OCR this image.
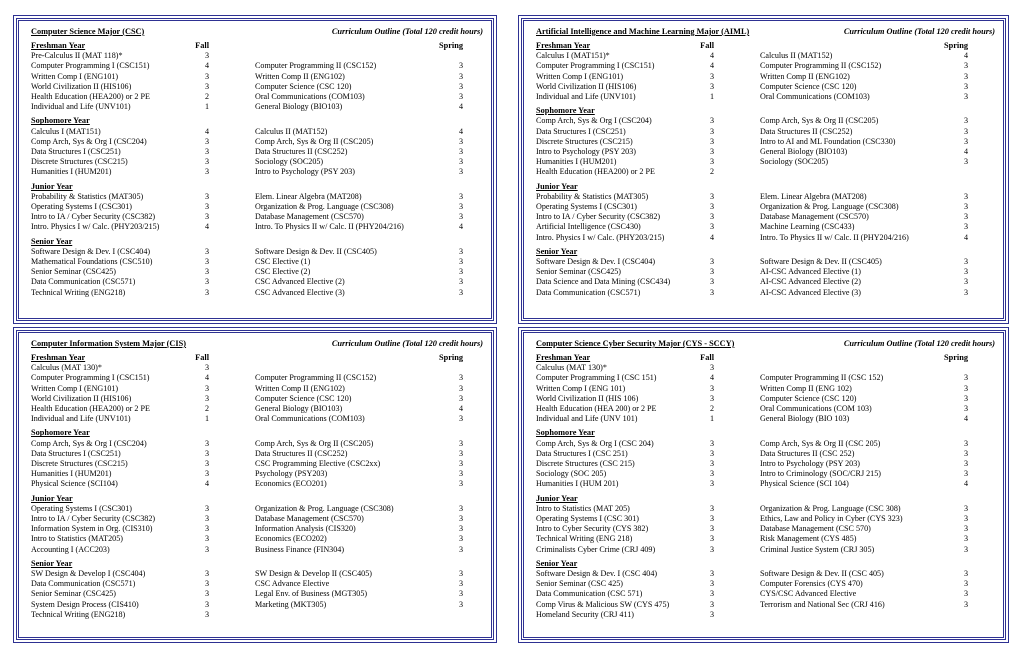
Computer Science Major (CSC)	Curriculum Outline (Total 120 credit hours)
Freshman Year	Fall	Spring
Pre-Calculus II (MAT 118)*	3
Computer Programming I (CSC151)	4	Computer Programming II (CSC152)	3
Written Comp I (ENG101)	3	Written Comp II (ENG102)	3
World Civilization II (HIS106)	3	Computer Science (CSC 120)	3
Health Education (HEA200) or 2 PE	2	Oral Communications (COM103)	3
Individual and Life (UNV101)	1	General Biology (BIO103)	4
Sophomore Year
Calculus I (MAT151)	4	Calculus II (MAT152)	4
Comp Arch, Sys & Org I (CSC204)	3	Comp Arch, Sys & Org II (CSC205)	3
Data Structures I (CSC251)	3	Data Structures II (CSC252)	3
Discrete Structures (CSC215)	3	Sociology (SOC205)	3
Humanities I (HUM201)	3	Intro to Psychology (PSY 203)	3
Junior Year
Probability & Statistics (MAT305)	3	Elem. Linear Algebra (MAT208)	3
Operating Systems I (CSC301)	3	Organization & Prog. Language (CSC308)	3
Intro to IA / Cyber Security (CSC382)	3	Database Management (CSC570)	3
Intro. Physics I w/ Calc. (PHY203/215)	4	Intro. To Physics II w/ Calc. II (PHY204/216)	4
Senior Year
Software Design & Dev. I (CSC404)	3	Software Design & Dev. II (CSC405)	3
Mathematical Foundations (CSC510)	3	CSC Elective (1)	3
Senior Seminar (CSC425)	3	CSC Elective (2)	3
Data Communication (CSC571)	3	CSC Advanced Elective (2)	3
Technical Writing (ENG218)	3	CSC Advanced Elective (3)	3
Artificial Intelligence and Machine Learning Major (AIML)	Curriculum Outline (Total 120 credit hours)
Freshman Year	Fall	Spring
Calculus I (MAT151)*	4	Calculus II (MAT152)	4
Computer Programming I (CSC151)	4	Computer Programming II (CSC152)	3
Written Comp I (ENG101)	3	Written Comp II (ENG102)	3
World Civilization II (HIS106)	3	Computer Science (CSC 120)	3
Individual and Life (UNV101)	1	Oral Communications (COM103)	3
Sophomore Year
Comp Arch, Sys & Org I (CSC204)	3	Comp Arch, Sys & Org II (CSC205)	3
Data Structures I (CSC251)	3	Data Structures II (CSC252)	3
Discrete Structures (CSC215)	3	Intro to AI and ML Foundation (CSC330)	3
Intro to Psychology (PSY 203)	3	General Biology (BIO103)	4
Humanities I (HUM201)	3	Sociology (SOC205)	3
Health Education (HEA200) or 2 PE	2
Junior Year
Probability & Statistics (MAT305)	3	Elem. Linear Algebra (MAT208)	3
Operating Systems I (CSC301)	3	Organization & Prog. Language (CSC308)	3
Intro to IA / Cyber Security (CSC382)	3	Database Management (CSC570)	3
Artificial Intelligence (CSC430)	3	Machine Learning (CSC433)	3
Intro. Physics I w/ Calc. (PHY203/215)	4	Intro. To Physics II w/ Calc. II (PHY204/216)	4
Senior Year
Software Design & Dev. I (CSC404)	3	Software Design & Dev. II (CSC405)	3
Senior Seminar (CSC425)	3	AI-CSC Advanced Elective (1)	3
Data Science and Data Mining (CSC434)	3	AI-CSC Advanced Elective (2)	3
Data Communication (CSC571)	3	AI-CSC Advanced Elective (3)	3
Computer Information System Major (CIS)	Curriculum Outline (Total 120 credit hours)
Freshman Year	Fall	Spring
Calculus (MAT 130)*	3
Computer Programming I (CSC151)	4	Computer Programming II (CSC152)	3
Written Comp I (ENG101)	3	Written Comp II (ENG102)	3
World Civilization II (HIS106)	3	Computer Science (CSC 120)	3
Health Education (HEA200) or 2 PE	2	General Biology (BIO103)	4
Individual and Life (UNV101)	1	Oral Communications (COM103)	3
Sophomore Year
Comp Arch, Sys & Org I (CSC204)	3	Comp Arch, Sys & Org II (CSC205)	3
Data Structures I (CSC251)	3	Data Structures II (CSC252)	3
Discrete Structures (CSC215)	3	CSC Programming Elective (CSC2xx)	3
Humanities I (HUM201)	3	Psychology (PSY203)	3
Physical Science (SCI104)	4	Economics (ECO201)	3
Junior Year
Operating Systems I (CSC301)	3	Organization & Prog. Language (CSC308)	3
Intro to IA / Cyber Security (CSC382)	3	Database Management (CSC570)	3
Information System in Org. (CIS310)	3	Information Analysis (CIS320)	3
Intro to Statistics (MAT205)	3	Economics (ECO202)	3
Accounting I (ACC203)	3	Business Finance (FIN304)	3
Senior Year
SW Design & Develop I (CSC404)	3	SW Design & Develop II (CSC405)	3
Data Communication (CSC571)	3	CSC Advance Elective	3
Senior Seminar (CSC425)	3	Legal Env. of Business (MGT305)	3
System Design Process (CIS410)	3	Marketing (MKT305)	3
Technical Writing (ENG218)	3
Computer Science Cyber Security Major (CYS - SCCY)	Curriculum Outline (Total 120 credit hours)
Freshman Year	Fall	Spring
Calculus (MAT 130)*	3
Computer Programming I (CSC 151)	4	Computer Programming II (CSC 152)	3
Written Comp I (ENG 101)	3	Written Comp II (ENG 102)	3
World Civilization II (HIS 106)	3	Computer Science (CSC 120)	3
Health Education (HEA 200) or 2 PE	2	Oral Communications (COM 103)	3
Individual and Life (UNV 101)	1	General Biology (BIO 103)	4
Sophomore Year
Comp Arch, Sys & Org I (CSC 204)	3	Comp Arch, Sys & Org II (CSC 205)	3
Data Structures I (CSC 251)	3	Data Structures II (CSC 252)	3
Discrete Structures (CSC 215)	3	Intro to Psychology (PSY 203)	3
Sociology (SOC 205)	3	Intro to Criminology (SOC/CRJ 215)	3
Humanities I (HUM 201)	3	Physical Science (SCI 104)	4
Junior Year
Intro to Statistics (MAT 205)	3	Organization & Prog. Language (CSC 308)	3
Operating Systems I (CSC 301)	3	Ethics, Law and Policy in Cyber (CYS 323)	3
Intro to Cyber Security (CYS 382)	3	Database Management (CSC 570)	3
Technical Writing (ENG 218)	3	Risk Management (CYS 485)	3
Criminalists Cyber Crime (CRJ 409)	3	Criminal Justice System (CRJ 305)	3
Senior Year
Software Design & Dev. I (CSC 404)	3	Software Design & Dev. II (CSC 405)	3
Senior Seminar (CSC 425)	3	Computer Forensics (CYS 470)	3
Data Communication (CSC 571)	3	CYS/CSC Advanced Elective	3
Comp Virus & Malicious SW (CYS 475)	3	Terrorism and National Sec (CRJ 416)	3
Homeland Security (CRJ 411)	3
